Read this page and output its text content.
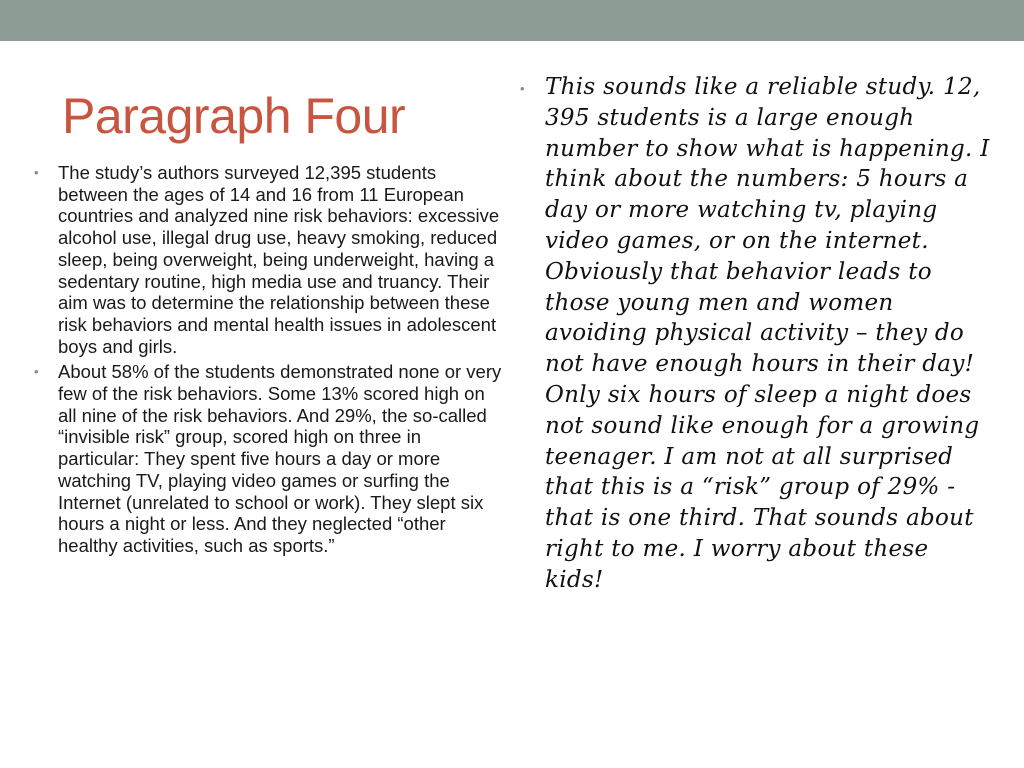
Paragraph Four
• The study’s authors surveyed 12,395 students between the ages of 14 and 16 from 11 European countries and analyzed nine risk behaviors: excessive alcohol use, illegal drug use, heavy smoking, reduced sleep, being overweight, being underweight, having a sedentary routine, high media use and truancy. Their aim was to determine the relationship between these risk behaviors and mental health issues in adolescent boys and girls.
• About 58% of the students demonstrated none or very few of the risk behaviors. Some 13% scored high on all nine of the risk behaviors. And 29%, the so-called “invisible risk” group, scored high on three in particular: They spent five hours a day or more watching TV, playing video games or surfing the Internet (unrelated to school or work). They slept six hours a night or less. And they neglected “other healthy activities, such as sports.”
• This sounds like a reliable study. 12, 395 students is a large enough number to show what is happening. I think about the numbers: 5 hours a day or more watching tv, playing video games, or on the internet. Obviously that behavior leads to those young men and women avoiding physical activity – they do not have enough hours in their day! Only six hours of sleep a night does not sound like enough for a growing teenager. I am not at all surprised that this is a “risk” group of 29% - that is one third. That sounds about right to me. I worry about these kids!
